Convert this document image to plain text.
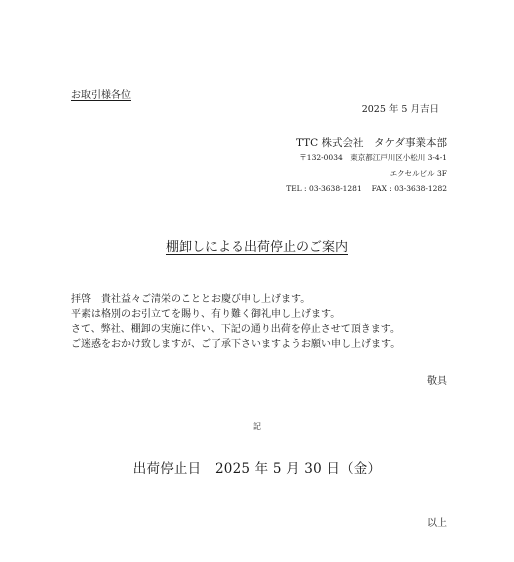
お取引様各位
2025 年 5 月吉日
TTC 株式会社　タケダ事業本部
〒132-0034　東京都江戸川区小松川 3-4-1
エクセルビル 3F
TEL : 03-3638-1281　 FAX : 03-3638-1282
棚卸しによる出荷停止のご案内
拝啓　貴社益々ご清栄のこととお慶び申し上げます。
平素は格別のお引立てを賜り、有り難く御礼申し上げます。
さて、弊社、棚卸の実施に伴い、下記の通り出荷を停止させて頂きます。
ご迷惑をおかけ致しますが、ご了承下さいますようお願い申し上げます。
敬具
記
出荷停止日　2025 年 5 月 30 日（金）
以上
